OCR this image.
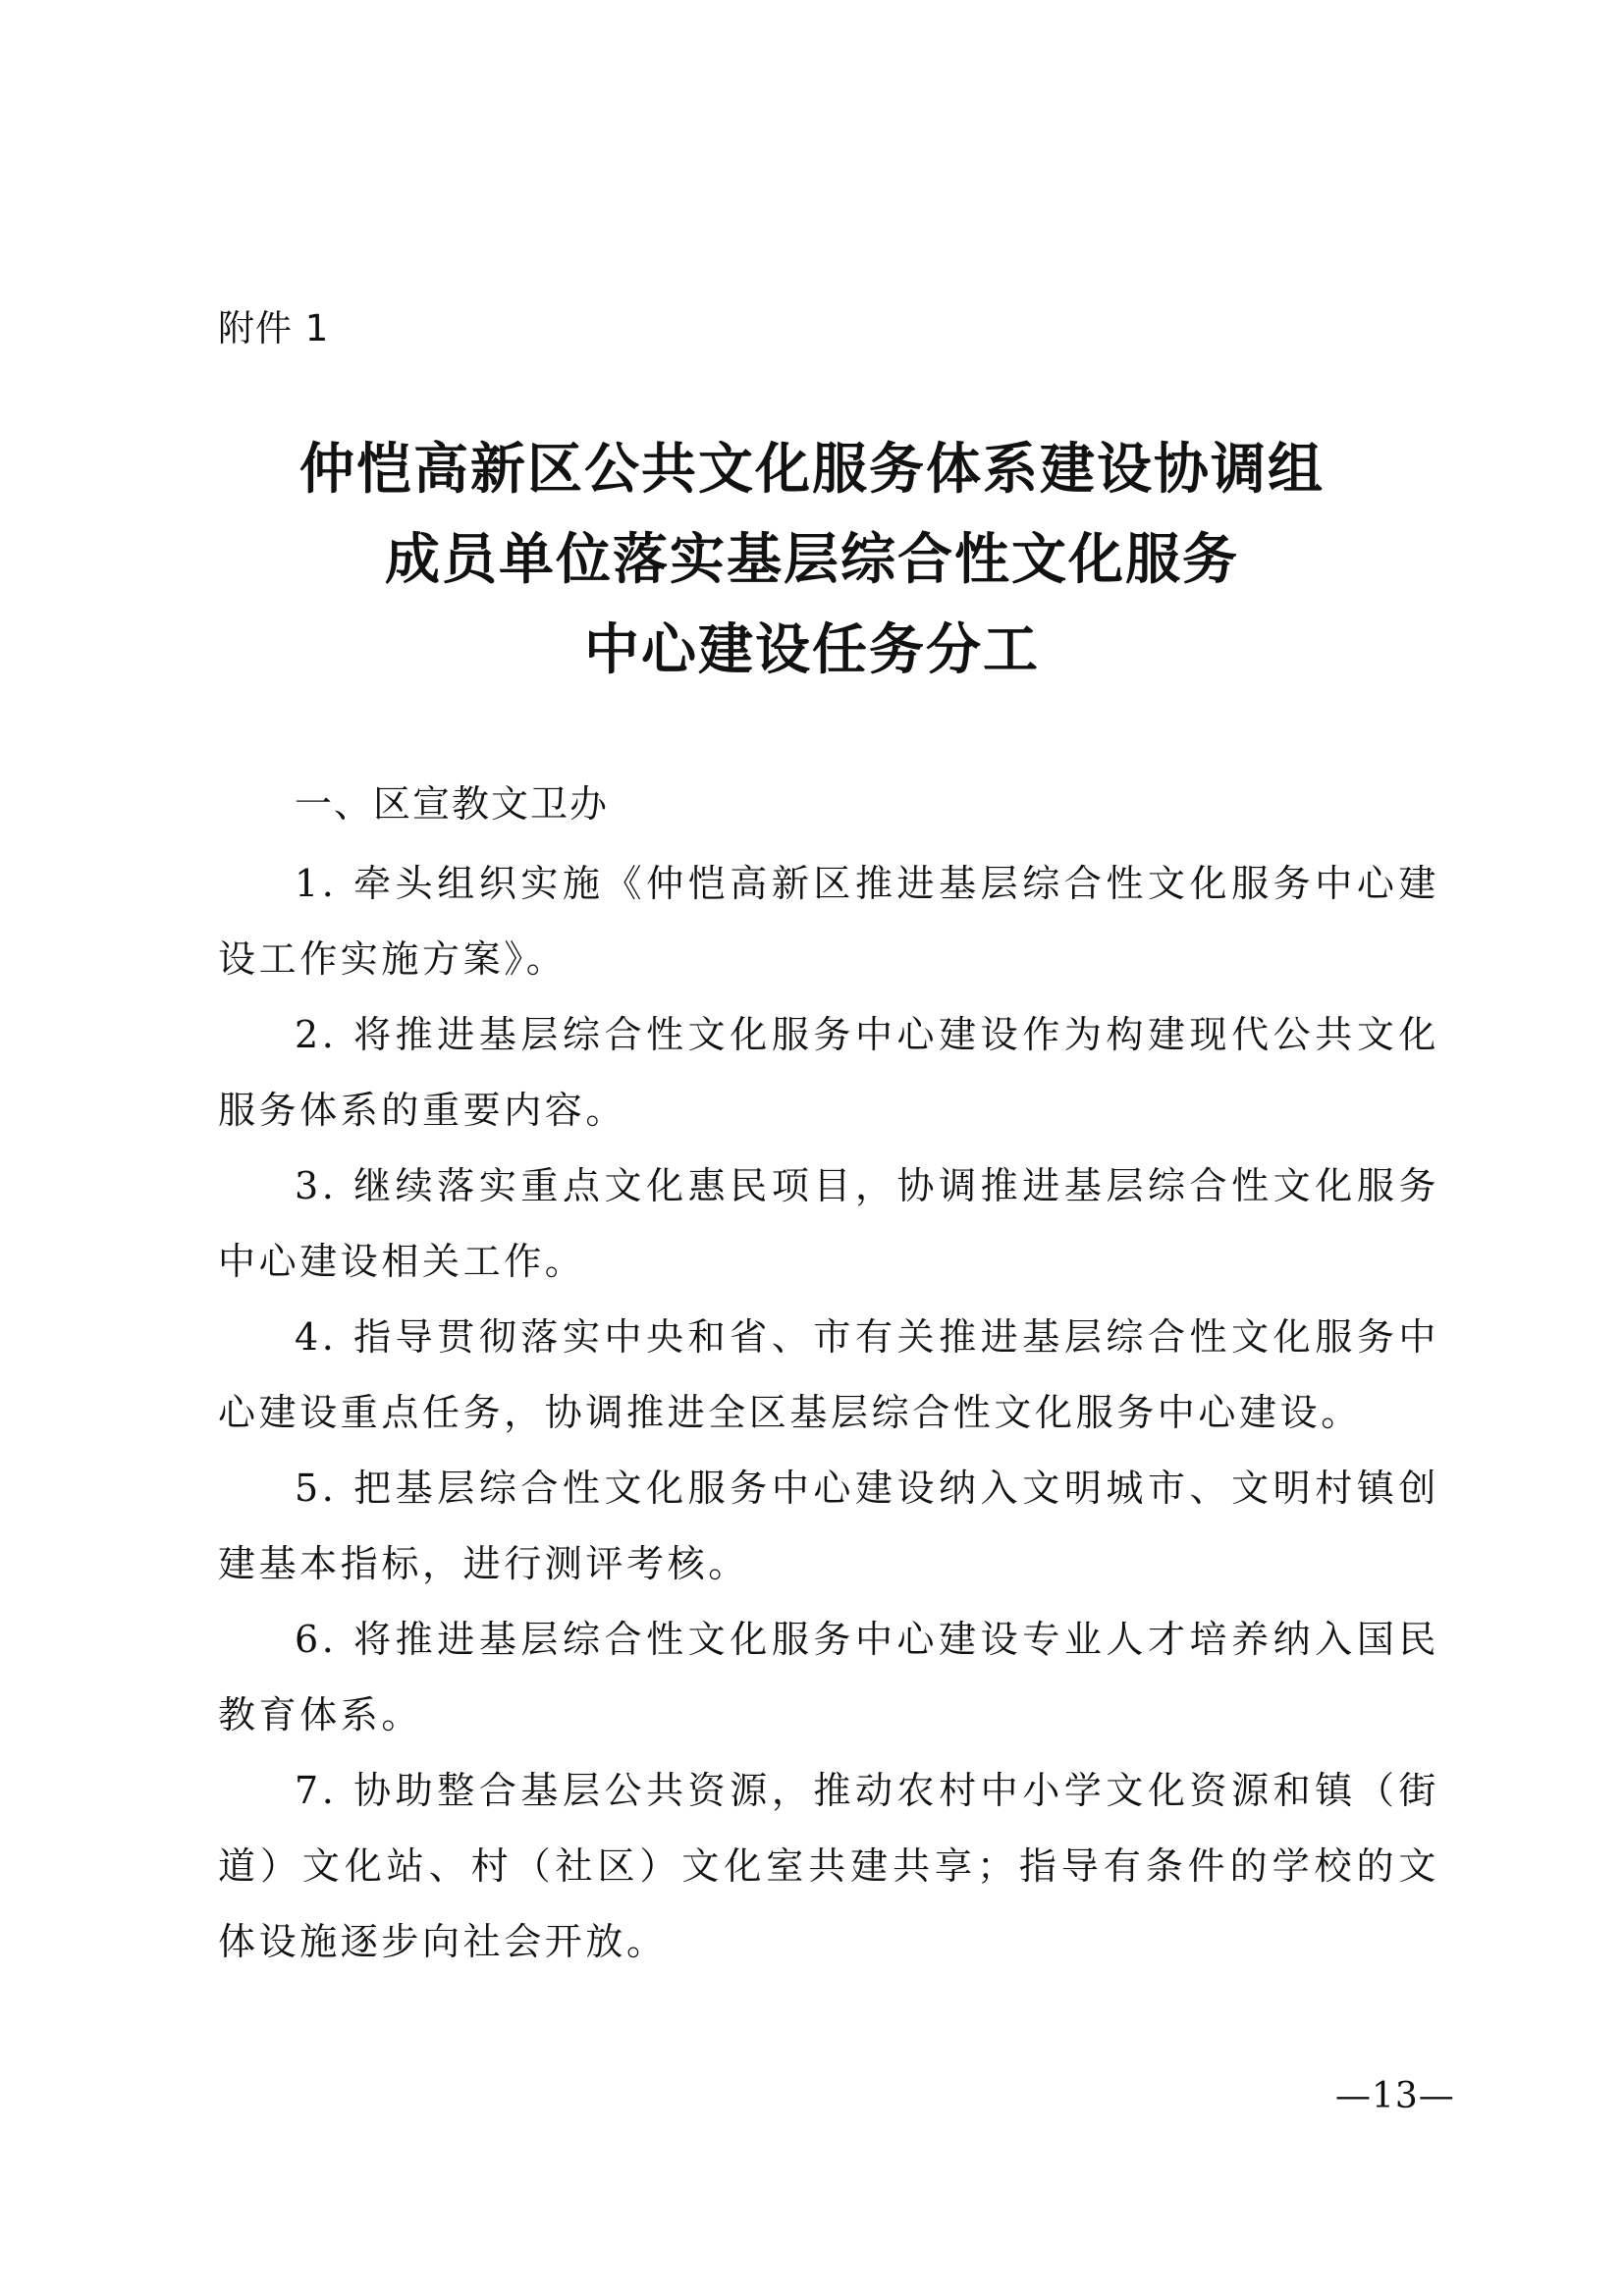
附件 1
仲恺高新区公共文化服务体系建设协调组
成员单位落实基层综合性文化服务
中心建设任务分工
一、区宣教文卫办

1. 牵头组织实施《仲恺高新区推进基层综合性文化服务中心建设工作实施方案》。

2. 将推进基层综合性文化服务中心建设作为构建现代公共文化服务体系的重要内容。

3. 继续落实重点文化惠民项目，协调推进基层综合性文化服务中心建设相关工作。

4. 指导贯彻落实中央和省、市有关推进基层综合性文化服务中心建设重点任务，协调推进全区基层综合性文化服务中心建设。

5. 把基层综合性文化服务中心建设纳入文明城市、文明村镇创建基本指标，进行测评考核。

6. 将推进基层综合性文化服务中心建设专业人才培养纳入国民教育体系。

7. 协助整合基层公共资源，推动农村中小学文化资源和镇（街道）文化站、村（社区）文化室共建共享；指导有条件的学校的文体设施逐步向社会开放。

—13—
